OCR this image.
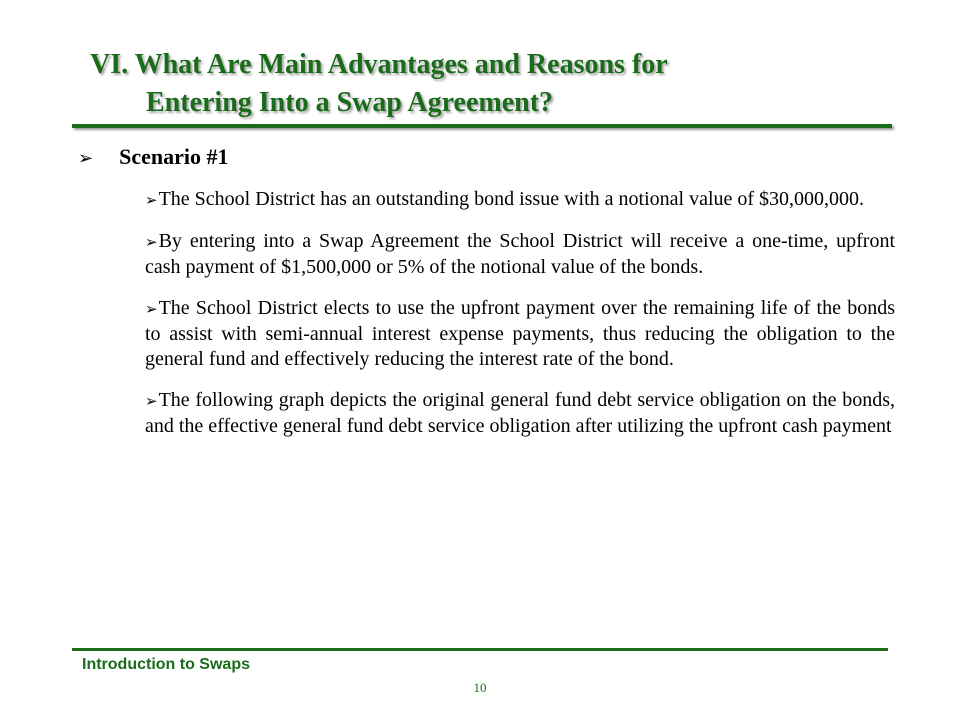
VI. What Are Main Advantages and Reasons for
Entering Into a Swap Agreement?
➢ Scenario #1

➢The School District has an outstanding bond issue with a notional value of $30,000,000.

➢By entering into a Swap Agreement the School District will receive a one-time, upfront cash payment of $1,500,000 or 5% of the notional value of the bonds.

➢The School District elects to use the upfront payment over the remaining life of the bonds to assist with semi-annual interest expense payments, thus reducing the obligation to the general fund and effectively reducing the interest rate of the bond.

➢The following graph depicts the original general fund debt service obligation on the bonds, and the effective general fund debt service obligation after utilizing the upfront cash payment

Introduction to Swaps
10
